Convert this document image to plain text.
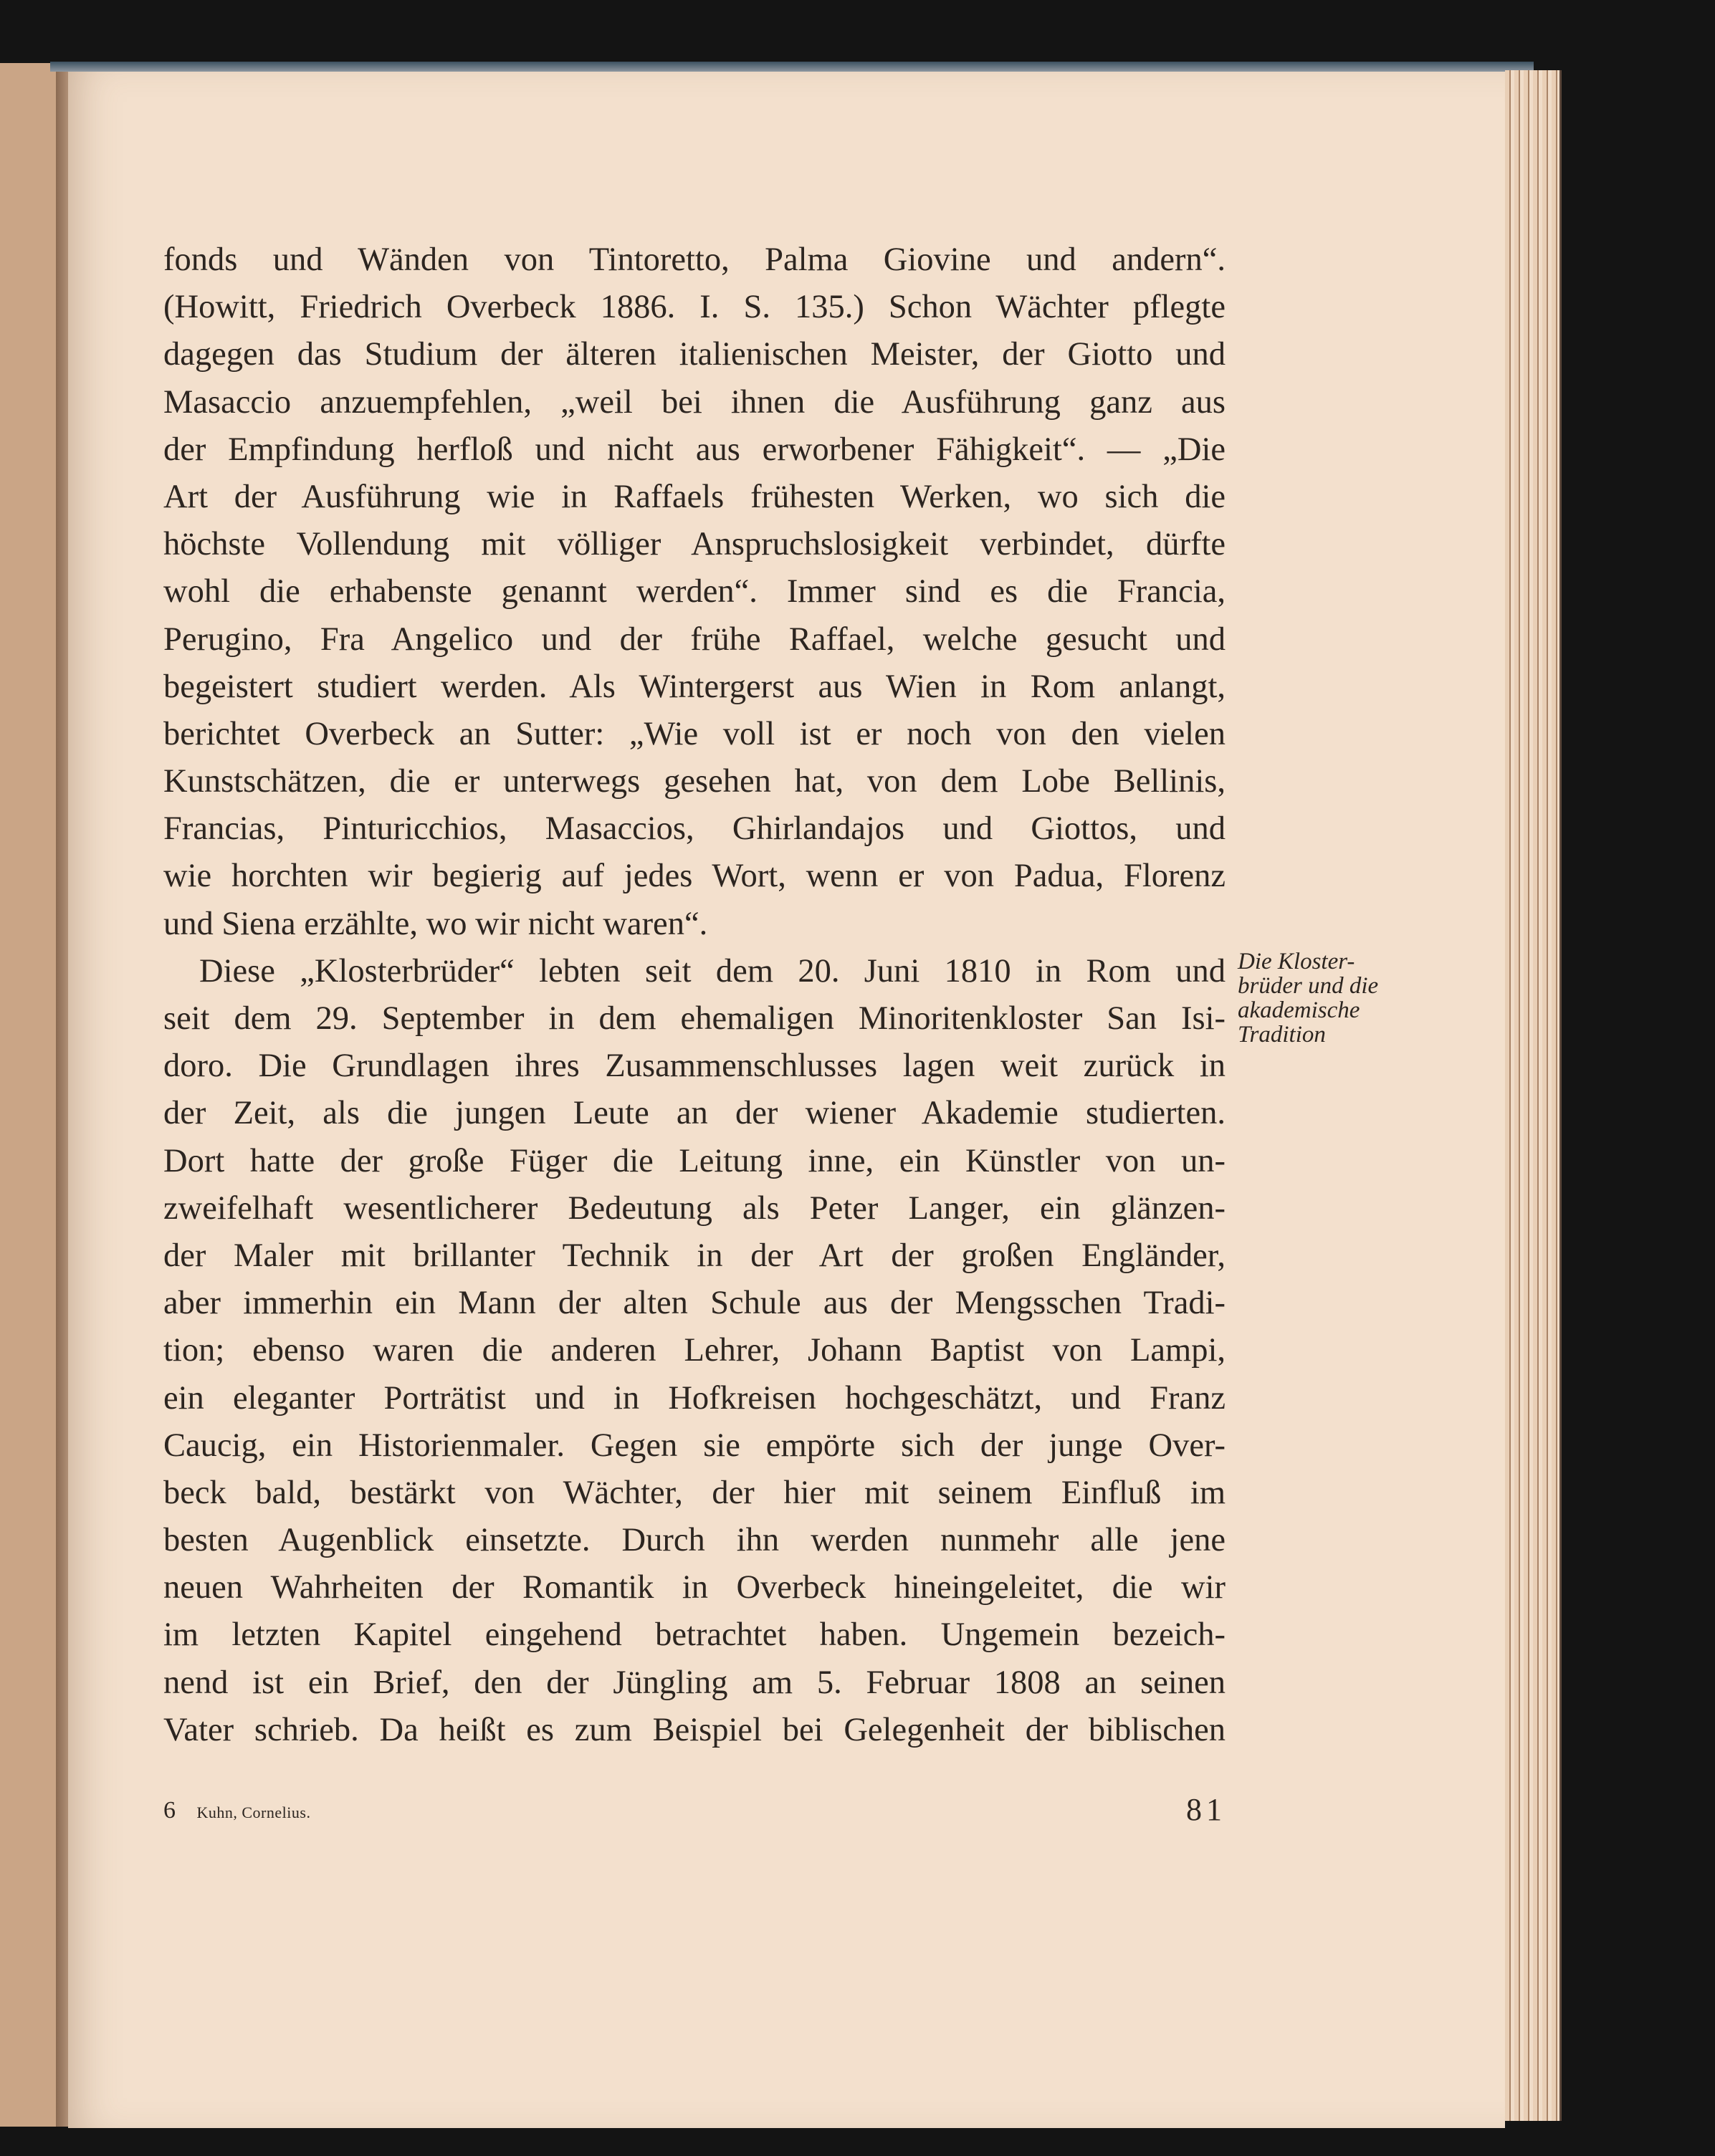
fonds und Wänden von Tintoretto, Palma Giovine und andern“.
(Howitt, Friedrich Overbeck 1886. I. S. 135.) Schon Wächter pflegte
dagegen das Studium der älteren italienischen Meister, der Giotto und
Masaccio anzuempfehlen, „weil bei ihnen die Ausführung ganz aus
der Empfindung herfloß und nicht aus erworbener Fähigkeit“. — „Die
Art der Ausführung wie in Raffaels frühesten Werken, wo sich die
höchste Vollendung mit völliger Anspruchslosigkeit verbindet, dürfte
wohl die erhabenste genannt werden“. Immer sind es die Francia,
Perugino, Fra Angelico und der frühe Raffael, welche gesucht und
begeistert studiert werden. Als Wintergerst aus Wien in Rom anlangt,
berichtet Overbeck an Sutter: „Wie voll ist er noch von den vielen
Kunstschätzen, die er unterwegs gesehen hat, von dem Lobe Bellinis,
Francias, Pinturicchios, Masaccios, Ghirlandajos und Giottos, und
wie horchten wir begierig auf jedes Wort, wenn er von Padua, Florenz
und Siena erzählte, wo wir nicht waren“.
Diese „Klosterbrüder“ lebten seit dem 20. Juni 1810 in Rom und
seit dem 29. September in dem ehemaligen Minoritenkloster San Isi-
doro. Die Grundlagen ihres Zusammenschlusses lagen weit zurück in
der Zeit, als die jungen Leute an der wiener Akademie studierten.
Dort hatte der große Füger die Leitung inne, ein Künstler von un-
zweifelhaft wesentlicherer Bedeutung als Peter Langer, ein glänzen-
der Maler mit brillanter Technik in der Art der großen Engländer,
aber immerhin ein Mann der alten Schule aus der Mengsschen Tradi-
tion; ebenso waren die anderen Lehrer, Johann Baptist von Lampi,
ein eleganter Porträtist und in Hofkreisen hochgeschätzt, und Franz
Caucig, ein Historienmaler. Gegen sie empörte sich der junge Over-
beck bald, bestärkt von Wächter, der hier mit seinem Einfluß im
besten Augenblick einsetzte. Durch ihn werden nunmehr alle jene
neuen Wahrheiten der Romantik in Overbeck hineingeleitet, die wir
im letzten Kapitel eingehend betrachtet haben. Ungemein bezeich-
nend ist ein Brief, den der Jüngling am 5. Februar 1808 an seinen
Vater schrieb. Da heißt es zum Beispiel bei Gelegenheit der biblischen
Die Kloster-
brüder und die
akademische
Tradition
6 Kuhn, Cornelius.	81
